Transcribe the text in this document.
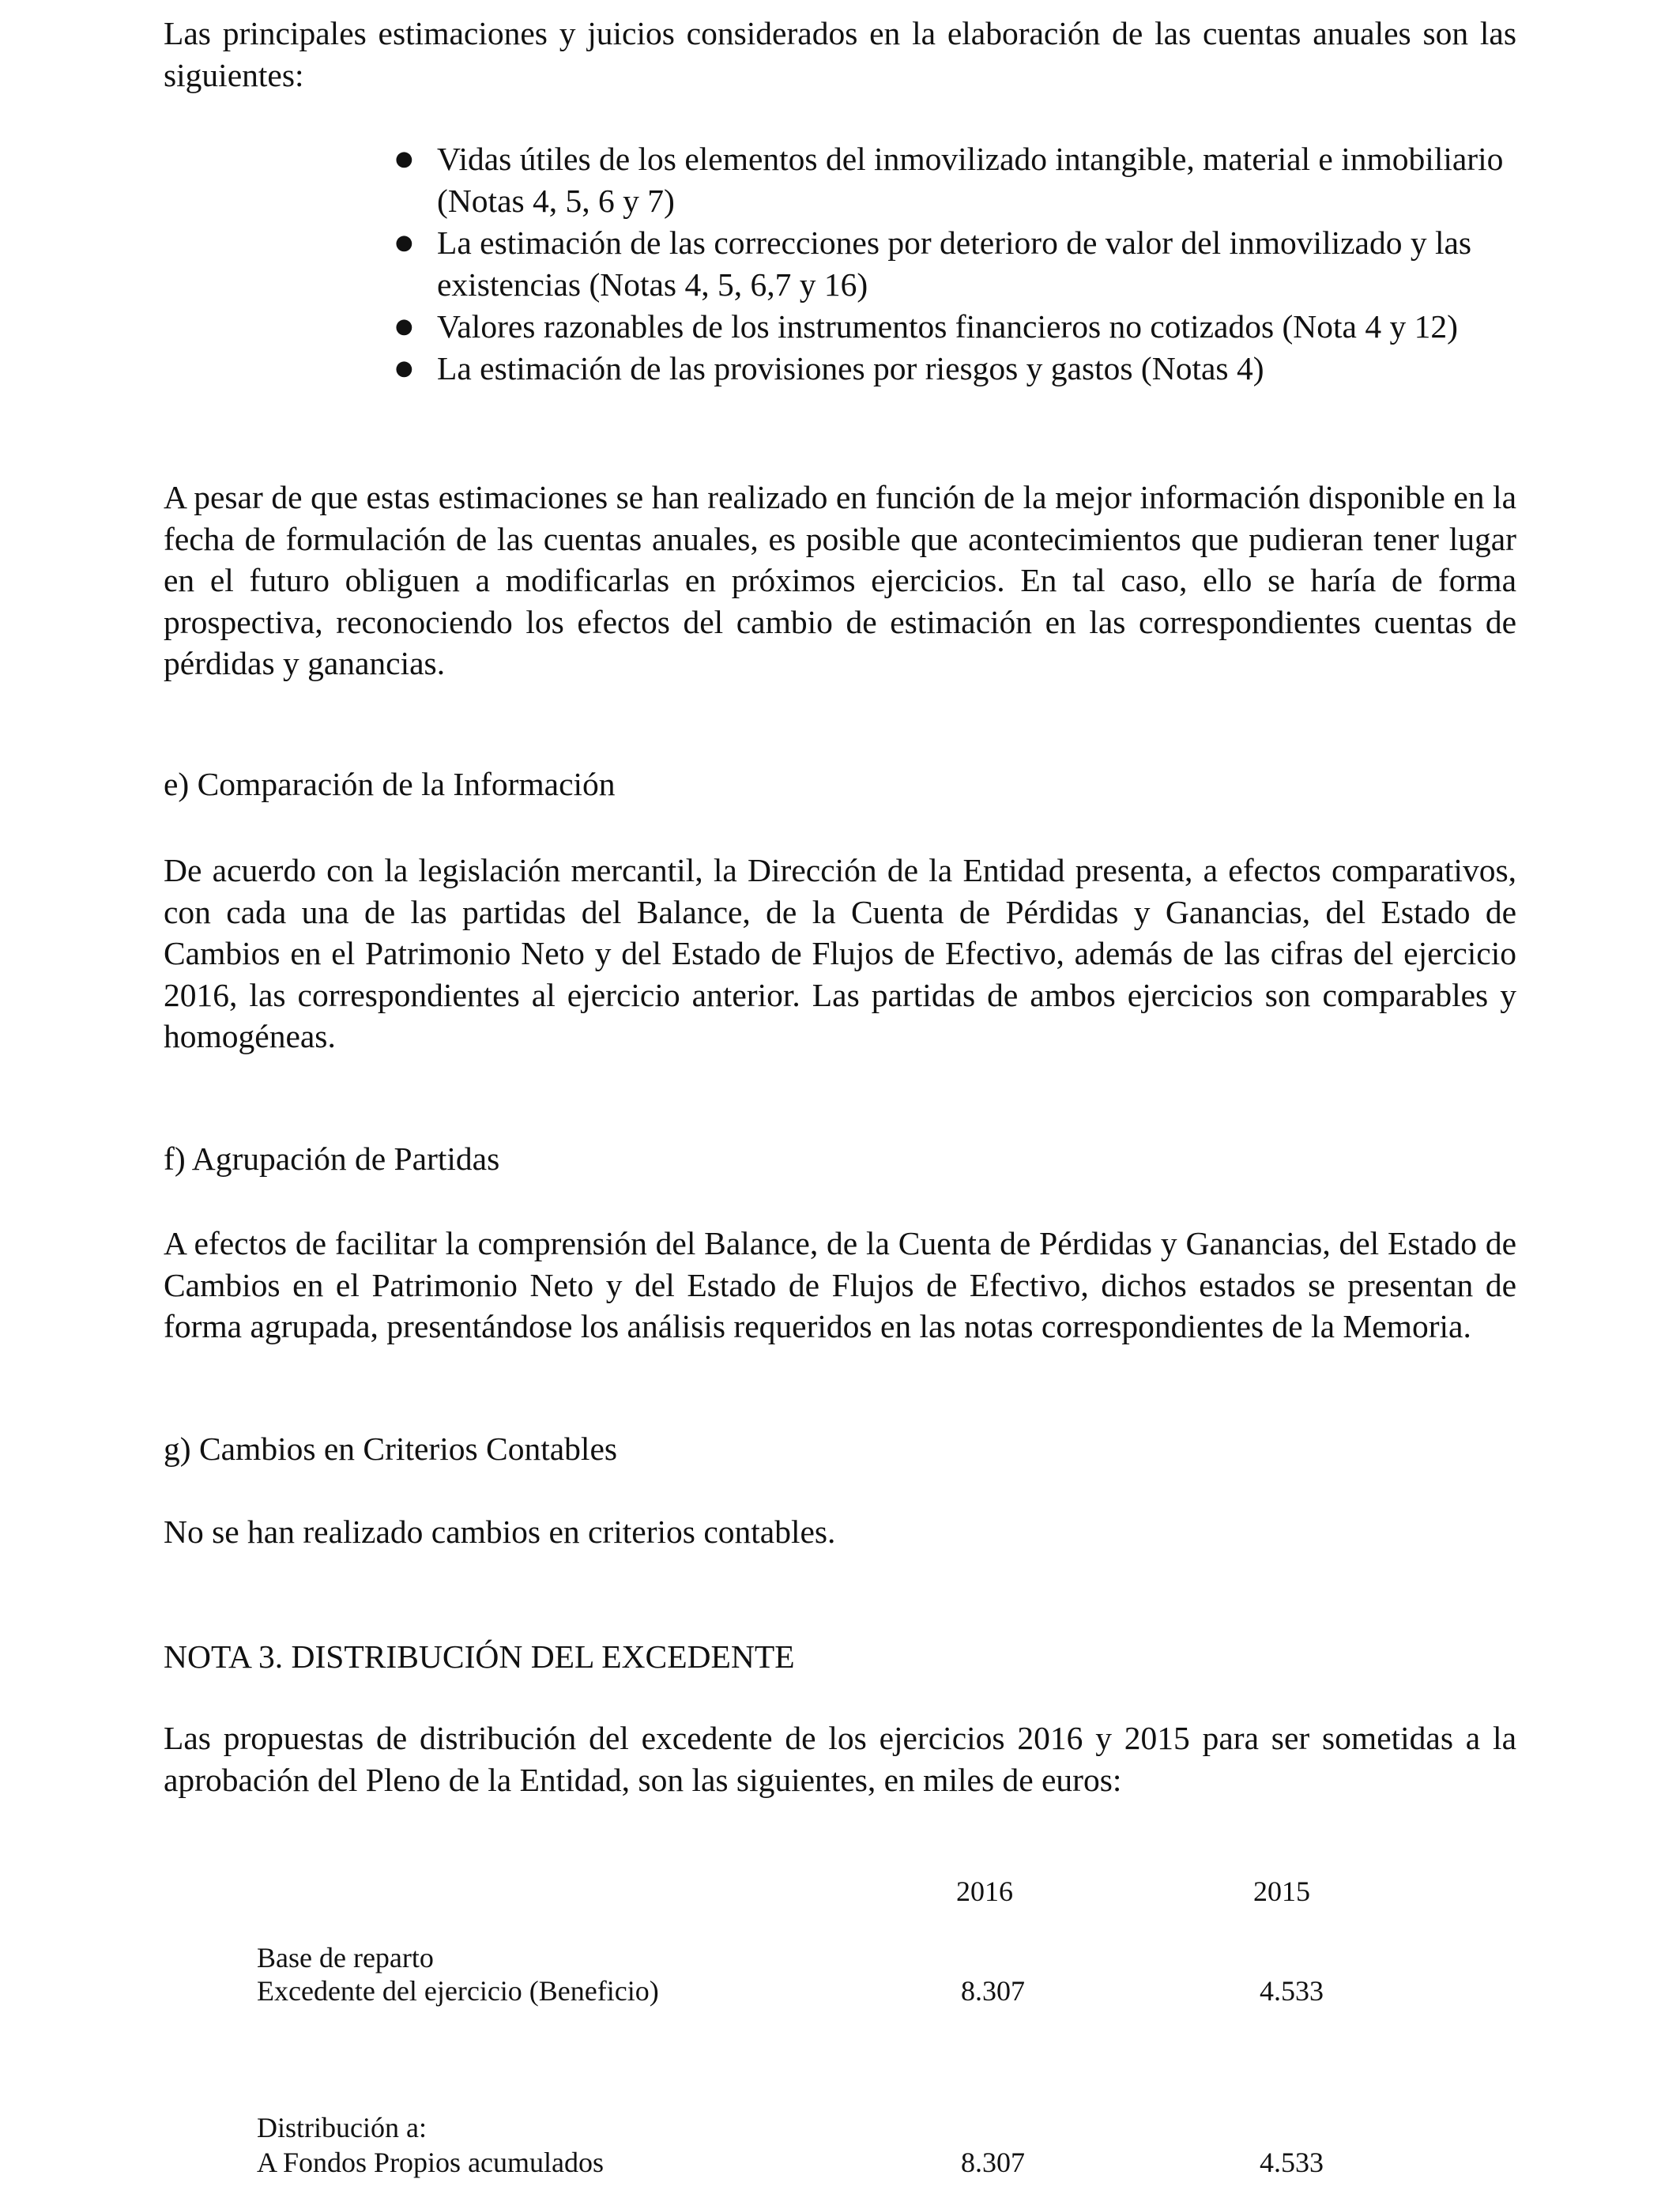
Las principales estimaciones y juicios considerados en la elaboración de las cuentas anuales son las siguientes:

● Vidas útiles de los elementos del inmovilizado intangible, material e inmobiliario (Notas 4, 5, 6 y 7)
● La estimación de las correcciones por deterioro de valor del inmovilizado y las existencias (Notas 4, 5, 6,7 y 16)
● Valores razonables de los instrumentos financieros no cotizados (Nota 4 y 12)
● La estimación de las provisiones por riesgos y gastos (Notas 4)

A pesar de que estas estimaciones se han realizado en función de la mejor información disponible en la fecha de formulación de las cuentas anuales, es posible que acontecimientos que pudieran tener lugar en el futuro obliguen a modificarlas en próximos ejercicios. En tal caso, ello se haría de forma prospectiva, reconociendo los efectos del cambio de estimación en las correspondientes cuentas de pérdidas y ganancias.

e) Comparación de la Información

De acuerdo con la legislación mercantil, la Dirección de la Entidad presenta, a efectos comparativos, con cada una de las partidas del Balance, de la Cuenta de Pérdidas y Ganancias, del Estado de Cambios en el Patrimonio Neto y del Estado de Flujos de Efectivo, además de las cifras del ejercicio 2016, las correspondientes al ejercicio anterior. Las partidas de ambos ejercicios son comparables y homogéneas.

f) Agrupación de Partidas

A efectos de facilitar la comprensión del Balance, de la Cuenta de Pérdidas y Ganancias, del Estado de Cambios en el Patrimonio Neto y del Estado de Flujos de Efectivo, dichos estados se presentan de forma agrupada, presentándose los análisis requeridos en las notas correspondientes de la Memoria.

g) Cambios en Criterios Contables

No se han realizado cambios en criterios contables.

NOTA 3. DISTRIBUCIÓN DEL EXCEDENTE

Las propuestas de distribución del excedente de los ejercicios 2016 y 2015 para ser sometidas a la aprobación del Pleno de la Entidad, son las siguientes, en miles de euros:

2016	2015
Base de reparto
Excedente del ejercicio (Beneficio)	8.307	4.533
Distribución a:
A Fondos Propios acumulados	8.307	4.533
